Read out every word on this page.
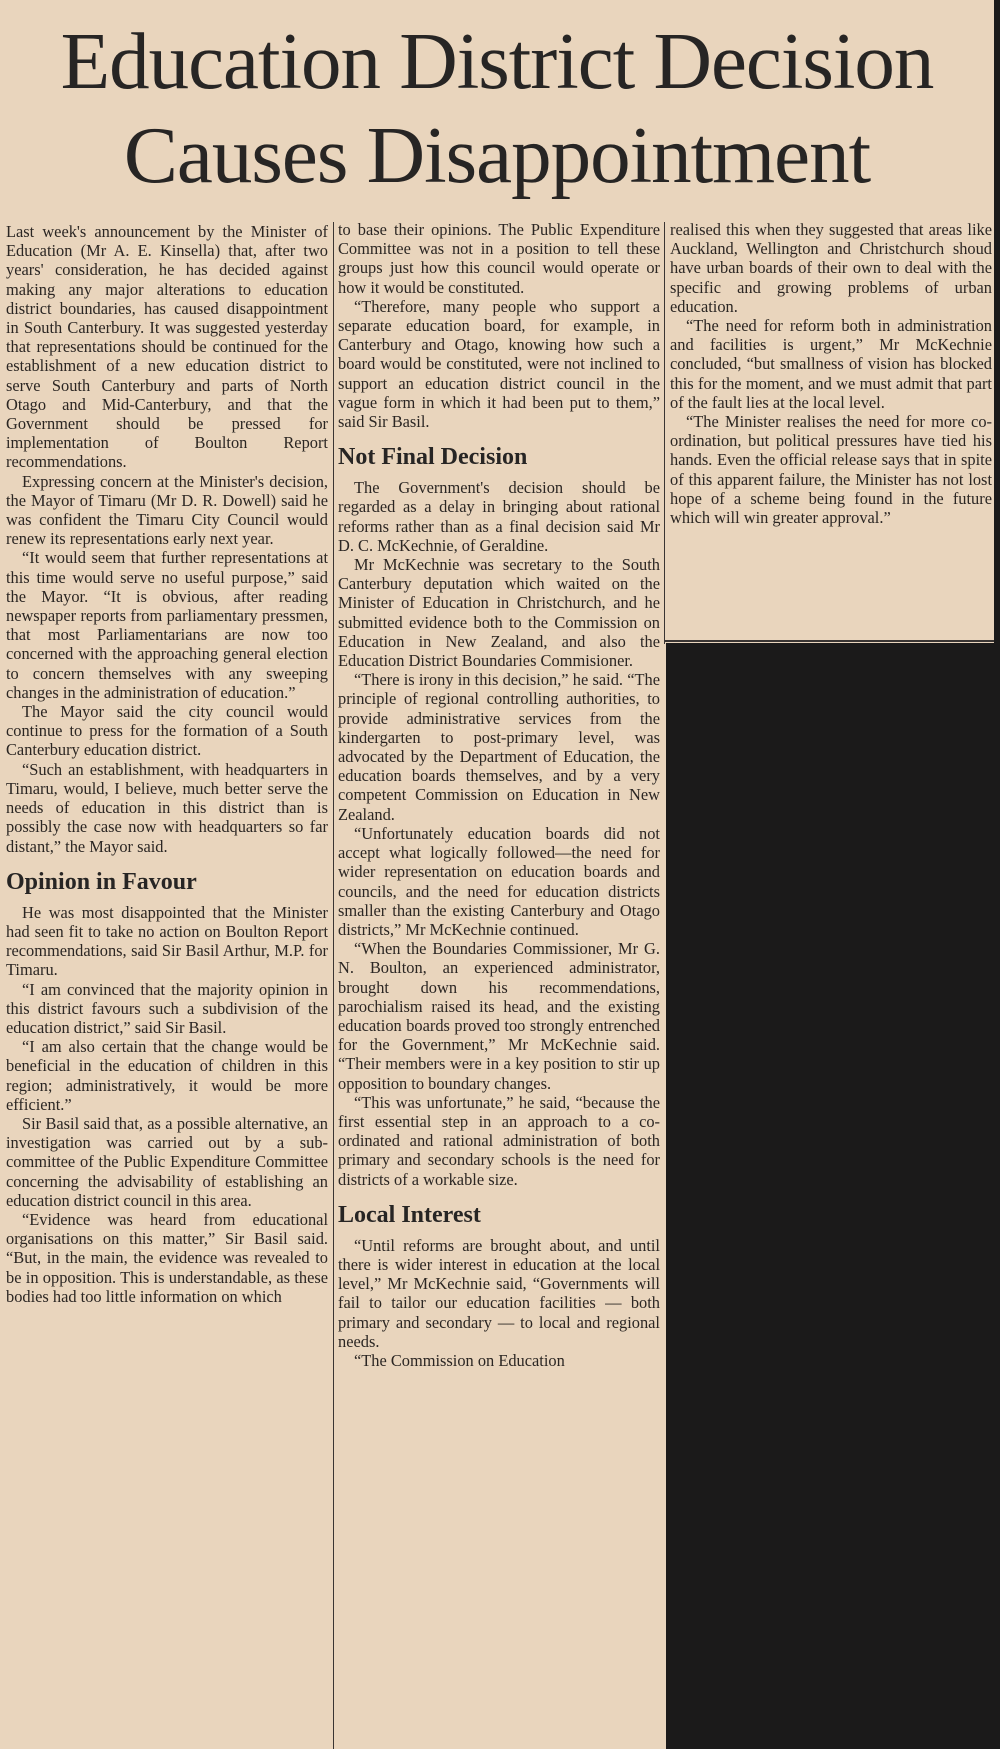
Education District Decision
Causes Disappointment

Last week's announcement by the Minister of Education (Mr A. E. Kinsella) that, after two years' consideration, he has decided against making any major alterations to education district boundaries, has caused disappointment in South Canterbury. It was suggested yesterday that representations should be continued for the establishment of a new education district to serve South Canterbury and parts of North Otago and Mid-Canterbury, and that the Government should be pressed for implementation of Boulton Report recommendations.

Expressing concern at the Minister's decision, the Mayor of Timaru (Mr D. R. Dowell) said he was confident the Timaru City Council would renew its representations early next year.

“It would seem that further representations at this time would serve no useful purpose,” said the Mayor. “It is obvious, after reading newspaper reports from parliamentary pressmen, that most Parliamentarians are now too concerned with the approaching general election to concern themselves with any sweeping changes in the administration of education.”

The Mayor said the city council would continue to press for the formation of a South Canterbury education district.

“Such an establishment, with headquarters in Timaru, would, I believe, much better serve the needs of education in this district than is possibly the case now with headquarters so far distant,” the Mayor said.

Opinion in Favour

He was most disappointed that the Minister had seen fit to take no action on Boulton Report recommendations, said Sir Basil Arthur, M.P. for Timaru.

“I am convinced that the majority opinion in this district favours such a subdivision of the education district,” said Sir Basil.

“I am also certain that the change would be beneficial in the education of children in this region; administratively, it would be more efficient.”

Sir Basil said that, as a possible alternative, an investigation was carried out by a sub-committee of the Public Expenditure Committee concerning the advisability of establishing an education district council in this area.

“Evidence was heard from educational organisations on this matter,” Sir Basil said. “But, in the main, the evidence was revealed to be in opposition. This is understandable, as these bodies had too little information on which

to base their opinions. The Public Expenditure Committee was not in a position to tell these groups just how this council would operate or how it would be constituted.

“Therefore, many people who support a separate education board, for example, in Canterbury and Otago, knowing how such a board would be constituted, were not inclined to support an education district council in the vague form in which it had been put to them,” said Sir Basil.

Not Final Decision

The Government's decision should be regarded as a delay in bringing about rational reforms rather than as a final decision said Mr D. C. McKechnie, of Geraldine.

Mr McKechnie was secretary to the South Canterbury deputation which waited on the Minister of Education in Christchurch, and he submitted evidence both to the Commission on Education in New Zealand, and also the Education District Boundaries Commisioner.

“There is irony in this decision,” he said. “The principle of regional controlling authorities, to provide administrative services from the kindergarten to post-primary level, was advocated by the Department of Education, the education boards themselves, and by a very competent Commission on Education in New Zealand.

“Unfortunately education boards did not accept what logically followed—the need for wider representation on education boards and councils, and the need for education districts smaller than the existing Canterbury and Otago districts,” Mr McKechnie continued.

“When the Boundaries Commissioner, Mr G. N. Boulton, an experienced administrator, brought down his recommendations, parochialism raised its head, and the existing education boards proved too strongly entrenched for the Government,” Mr McKechnie said. “Their members were in a key position to stir up opposition to boundary changes.

“This was unfortunate,” he said, “because the first essential step in an approach to a co-ordinated and rational administration of both primary and secondary schools is the need for districts of a workable size.

Local Interest

“Until reforms are brought about, and until there is wider interest in education at the local level,” Mr McKechnie said, “Governments will fail to tailor our education facilities — both primary and secondary — to local and regional needs.

“The Commission on Education

realised this when they suggested that areas like Auckland, Wellington and Christchurch shoud have urban boards of their own to deal with the specific and growing problems of urban education.

“The need for reform both in administration and facilities is urgent,” Mr McKechnie concluded, “but smallness of vision has blocked this for the moment, and we must admit that part of the fault lies at the local level.

“The Minister realises the need for more co-ordination, but political pressures have tied his hands. Even the official release says that in spite of this apparent failure, the Minister has not lost hope of a scheme being found in the future which will win greater approval.”
